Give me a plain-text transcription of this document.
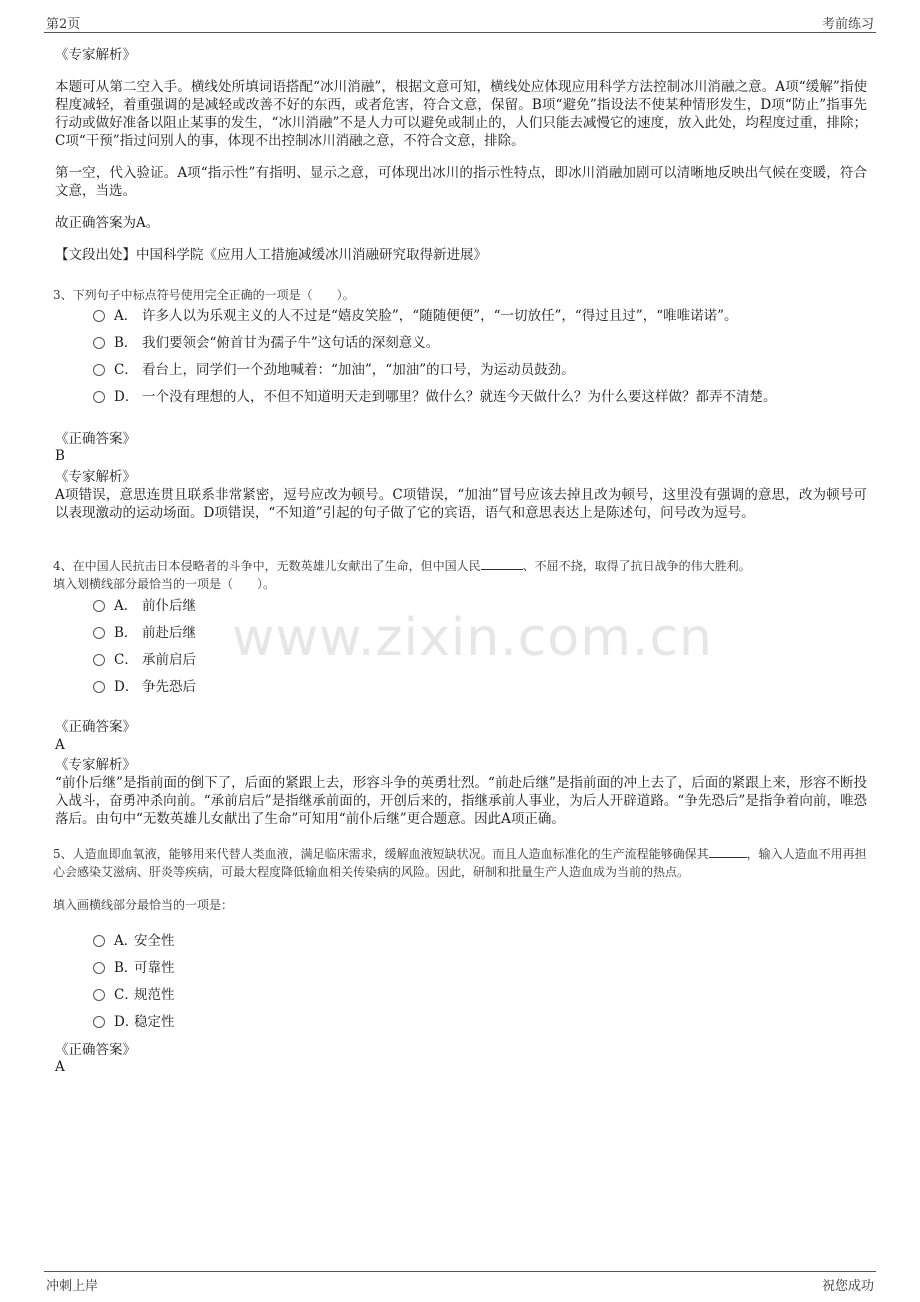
第2页	考前练习
www.zixin.com.cn
《专家解析》
本题可从第二空入手。横线处所填词语搭配“冰川消融”，根据文意可知，横线处应体现应用科学方法控制冰川消融之意。A项“缓解”指使程度减轻，着重强调的是减轻或改善不好的东西，或者危害，符合文意，保留。B项“避免”指设法不使某种情形发生，D项“防止”指事先行动或做好准备以阻止某事的发生，“冰川消融”不是人力可以避免或制止的，人们只能去减慢它的速度，放入此处，均程度过重，排除；C项“干预”指过问别人的事，体现不出控制冰川消融之意，不符合文意，排除。
第一空，代入验证。A项“指示性”有指明、显示之意，可体现出冰川的指示性特点，即冰川消融加剧可以清晰地反映出气候在变暖，符合文意，当选。
故正确答案为A。
【文段出处】中国科学院《应用人工措施减缓冰川消融研究取得新进展》
3、下列句子中标点符号使用完全正确的一项是（　　）。
A． 许多人以为乐观主义的人不过是“嬉皮笑脸”，“随随便便”，“一切放任”，“得过且过”，“唯唯诺诺”。
B． 我们要领会“俯首甘为孺子牛”这句话的深刻意义。
C． 看台上，同学们一个劲地喊着：“加油”，“加油”的口号，为运动员鼓劲。
D． 一个没有理想的人，不但不知道明天走到哪里？做什么？就连今天做什么？为什么要这样做？都弄不清楚。
《正确答案》
B
《专家解析》
A项错误，意思连贯且联系非常紧密，逗号应改为顿号。C项错误，“加油”冒号应该去掉且改为顿号，这里没有强调的意思，改为顿号可以表现激动的运动场面。D项错误，“不知道”引起的句子做了它的宾语，语气和意思表达上是陈述句，问号改为逗号。
4、在中国人民抗击日本侵略者的斗争中，无数英雄儿女献出了生命，但中国人民	、不屈不挠，取得了抗日战争的伟大胜利。
填入划横线部分最恰当的一项是（　　）。
A． 前仆后继
B． 前赴后继
C． 承前启后
D． 争先恐后
《正确答案》
A
《专家解析》
“前仆后继”是指前面的倒下了，后面的紧跟上去，形容斗争的英勇壮烈。“前赴后继”是指前面的冲上去了，后面的紧跟上来，形容不断投入战斗，奋勇冲杀向前。“承前启后”是指继承前面的，开创后来的，指继承前人事业，为后人开辟道路。“争先恐后”是指争着向前，唯恐落后。由句中“无数英雄儿女献出了生命”可知用“前仆后继”更合题意。因此A项正确。
5、人造血即血氧液，能够用来代替人类血液，满足临床需求，缓解血液短缺状况。而且人造血标准化的生产流程能够确保其	，输入人造血不用再担心会感染艾滋病、肝炎等疾病，可最大程度降低输血相关传染病的风险。因此，研制和批量生产人造血成为当前的热点。
填入画横线部分最恰当的一项是：
A．安全性
B．可靠性
C．规范性
D．稳定性
《正确答案》
A
冲刺上岸	祝您成功
